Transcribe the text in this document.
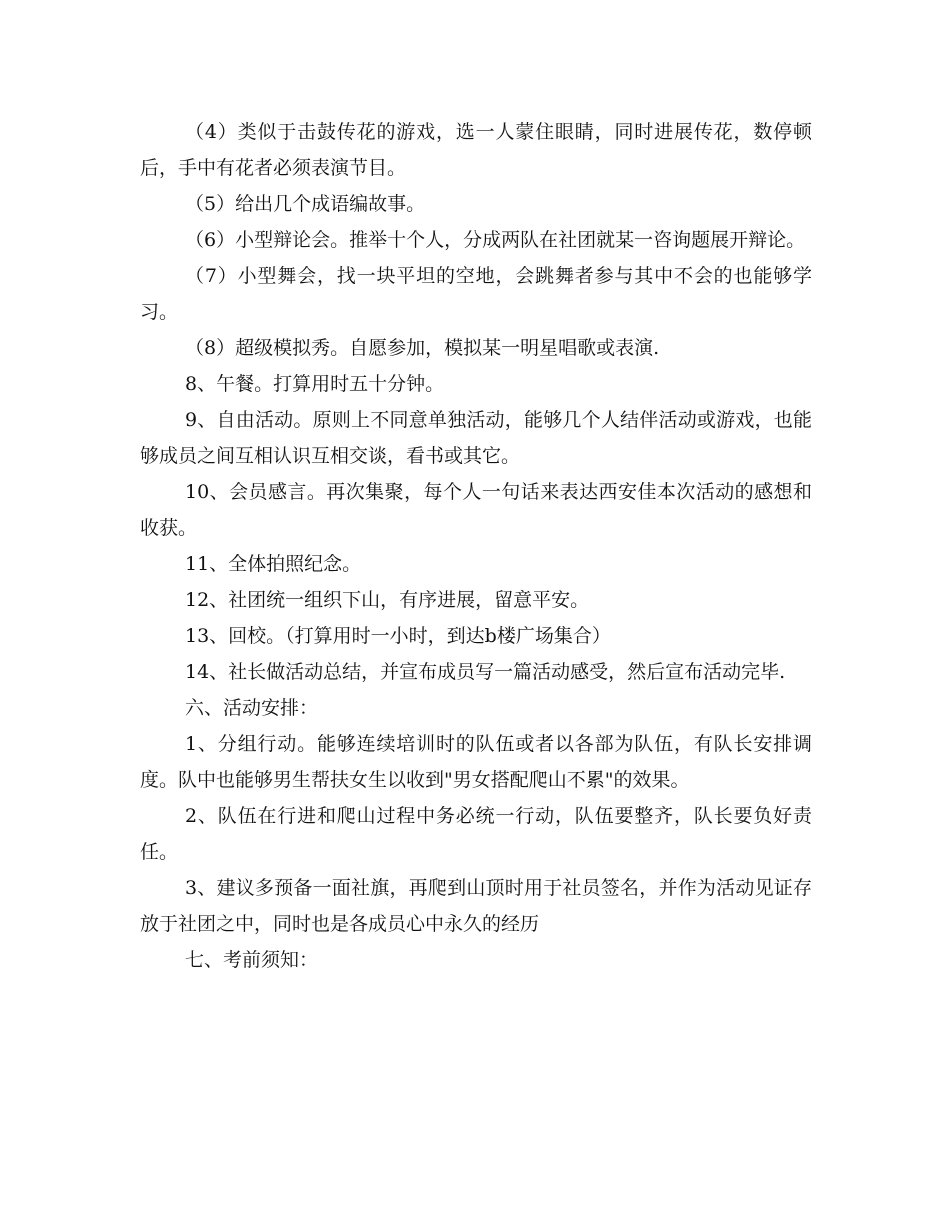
（4）类似于击鼓传花的游戏，选一人蒙住眼睛，同时进展传花，数停顿后，手中有花者必须表演节目。

（5）给出几个成语编故事。

（6）小型辩论会。推举十个人，分成两队在社团就某一咨询题展开辩论。

（7）小型舞会，找一块平坦的空地，会跳舞者参与其中不会的也能够学习。

（8）超级模拟秀。自愿参加，模拟某一明星唱歌或表演.

8、午餐。打算用时五十分钟。

9、自由活动。原则上不同意单独活动，能够几个人结伴活动或游戏，也能够成员之间互相认识互相交谈，看书或其它。

10、会员感言。再次集聚，每个人一句话来表达西安佳本次活动的感想和收获。

11、全体拍照纪念。

12、社团统一组织下山，有序进展，留意平安。

13、回校。（打算用时一小时，到达b楼广场集合）

14、社长做活动总结，并宣布成员写一篇活动感受，然后宣布活动完毕.

六、活动安排：

1、分组行动。能够连续培训时的队伍或者以各部为队伍，有队长安排调度。队中也能够男生帮扶女生以收到"男女搭配爬山不累"的效果。

2、队伍在行进和爬山过程中务必统一行动，队伍要整齐，队长要负好责任。

3、建议多预备一面社旗，再爬到山顶时用于社员签名，并作为活动见证存放于社团之中，同时也是各成员心中永久的经历

七、考前须知：
